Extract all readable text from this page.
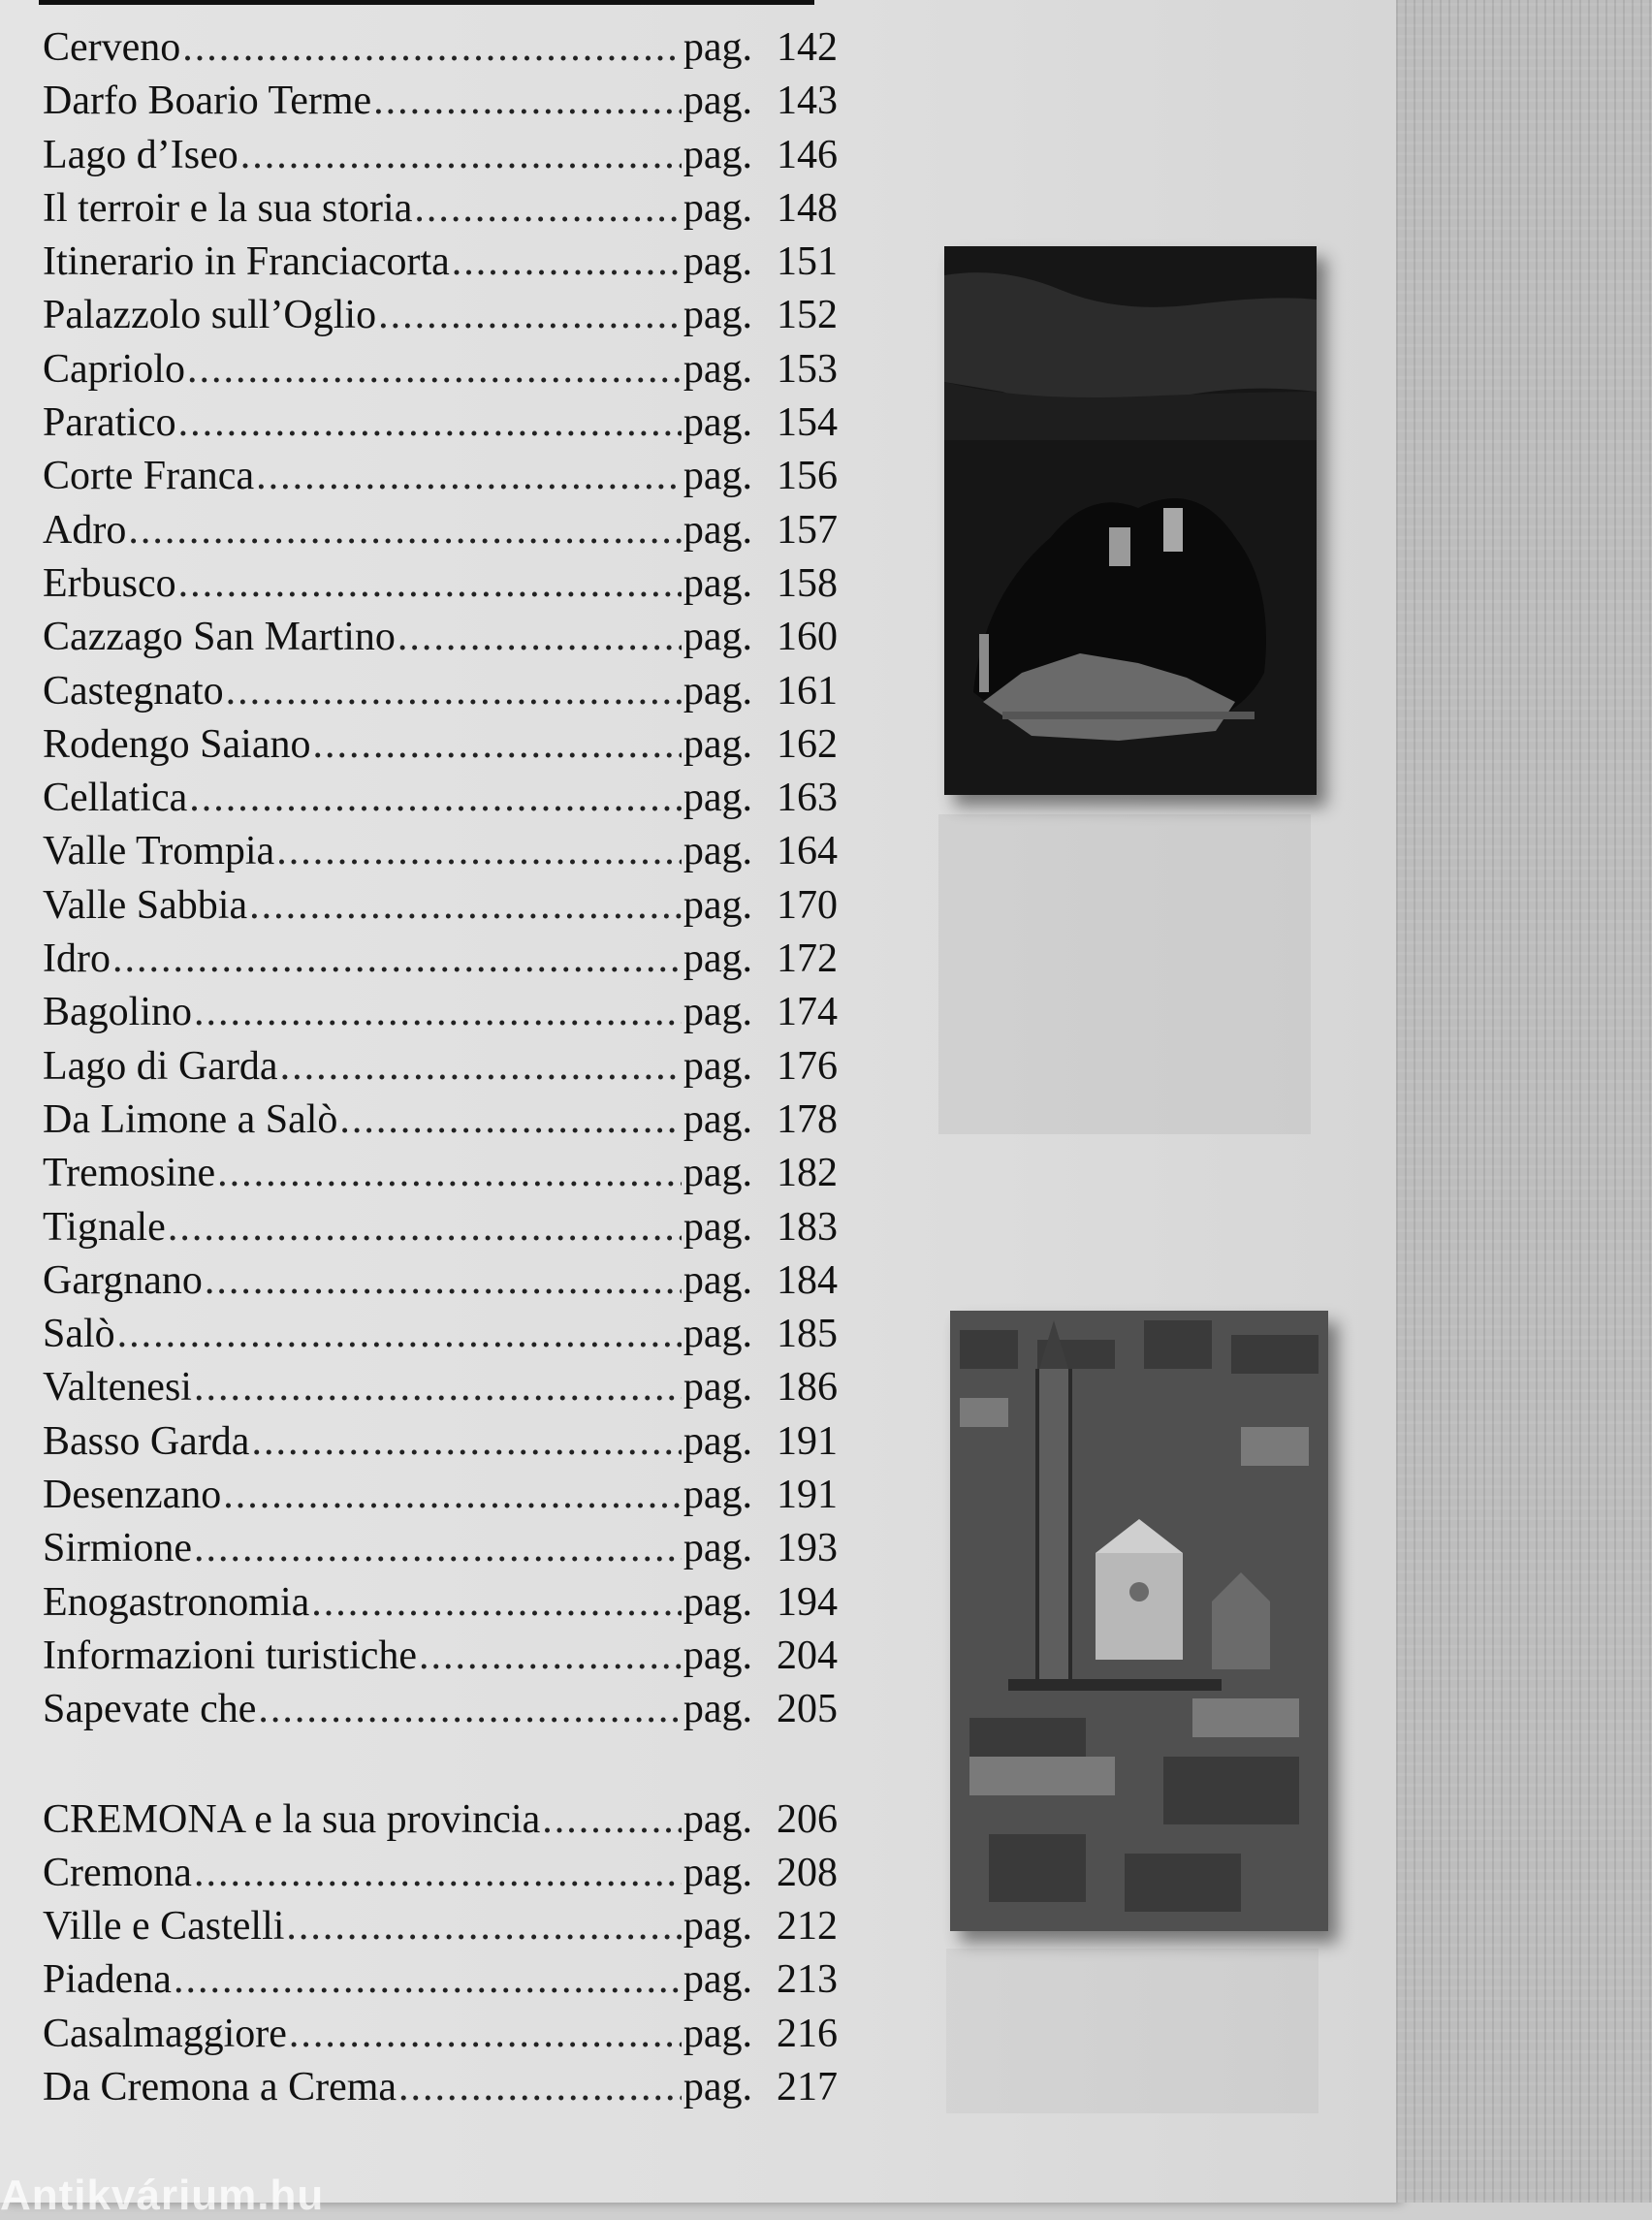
Cerveno .....	pag. 142
Darfo Boario Terme .....	pag. 143
Lago d’Iseo .....	pag. 146
Il terroir e la sua storia .....	pag. 148
Itinerario in Franciacorta .....	pag. 151
Palazzolo sull’Oglio .....	pag. 152
Capriolo .....	pag. 153
Paratico .....	pag. 154
Corte Franca .....	pag. 156
Adro .....	pag. 157
Erbusco .....	pag. 158
Cazzago San Martino .....	pag. 160
Castegnato .....	pag. 161
Rodengo Saiano .....	pag. 162
Cellatica .....	pag. 163
Valle Trompia .....	pag. 164
Valle Sabbia .....	pag. 170
Idro .....	pag. 172
Bagolino .....	pag. 174
Lago di Garda .....	pag. 176
Da Limone a Salò .....	pag. 178
Tremosine .....	pag. 182
Tignale .....	pag. 183
Gargnano .....	pag. 184
Salò .....	pag. 185
Valtenesi .....	pag. 186
Basso Garda .....	pag. 191
Desenzano .....	pag. 191
Sirmione .....	pag. 193
Enogastronomia .....	pag. 194
Informazioni turistiche .....	pag. 204
Sapevate che .....	pag. 205
CREMONA e la sua provincia .....	pag. 206
Cremona .....	pag. 208
Ville e Castelli .....	pag. 212
Piadena .....	pag. 213
Casalmaggiore .....	pag. 216
Da Cremona a Crema .....	pag. 217
Antikvárium.hu
